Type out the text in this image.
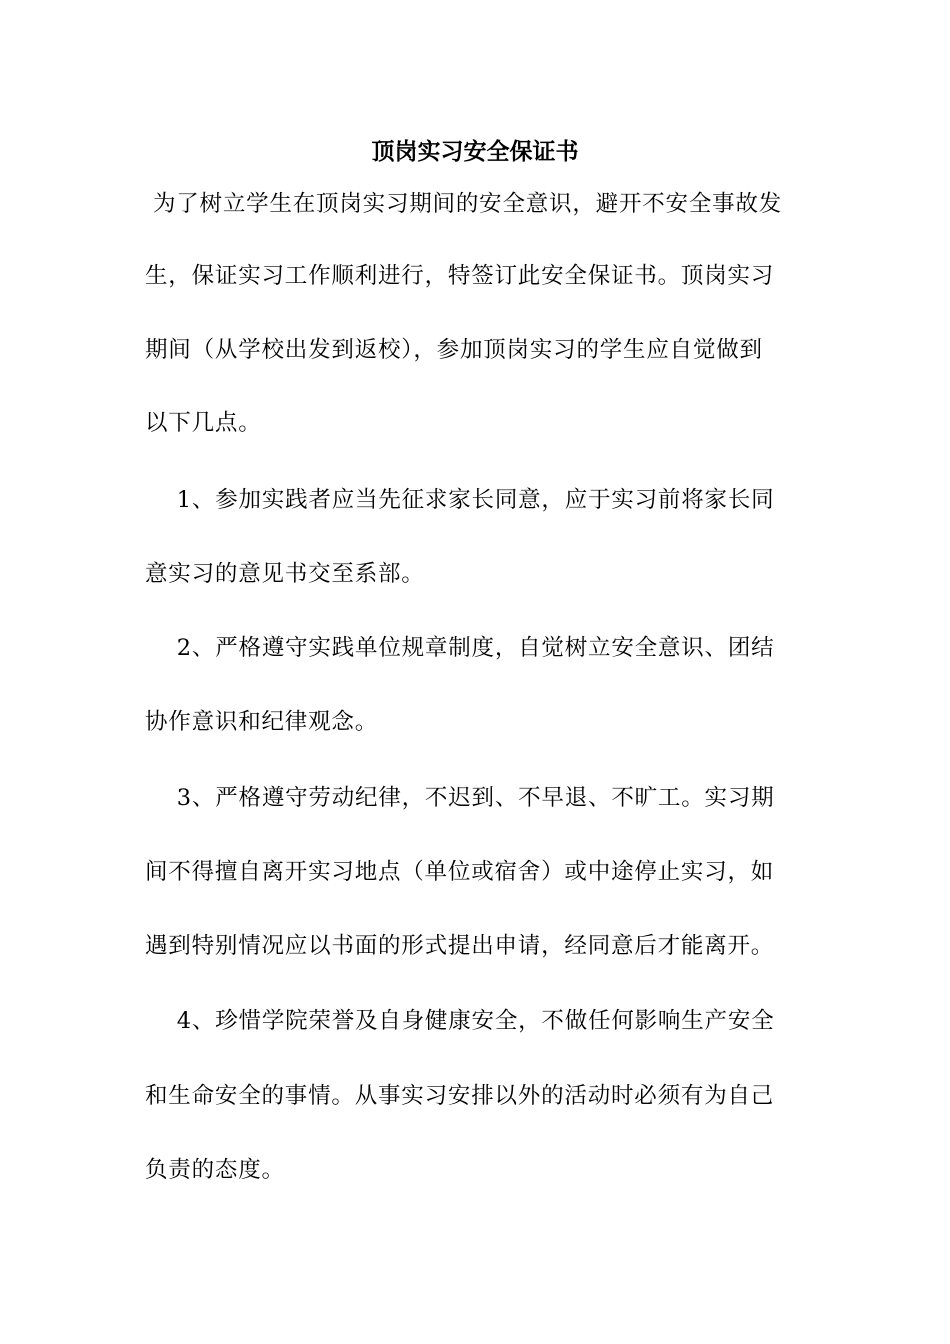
顶岗实习安全保证书
为了树立学生在顶岗实习期间的安全意识，避开不安全事故发
生，保证实习工作顺利进行，特签订此安全保证书。顶岗实习
期间（从学校出发到返校），参加顶岗实习的学生应自觉做到
以下几点。
1、参加实践者应当先征求家长同意，应于实习前将家长同
意实习的意见书交至系部。
2、严格遵守实践单位规章制度，自觉树立安全意识、团结
协作意识和纪律观念。
3、严格遵守劳动纪律，不迟到、不早退、不旷工。实习期
间不得擅自离开实习地点（单位或宿舍）或中途停止实习，如
遇到特别情况应以书面的形式提出申请，经同意后才能离开。
4、珍惜学院荣誉及自身健康安全，不做任何影响生产安全
和生命安全的事情。从事实习安排以外的活动时必须有为自己
负责的态度。
